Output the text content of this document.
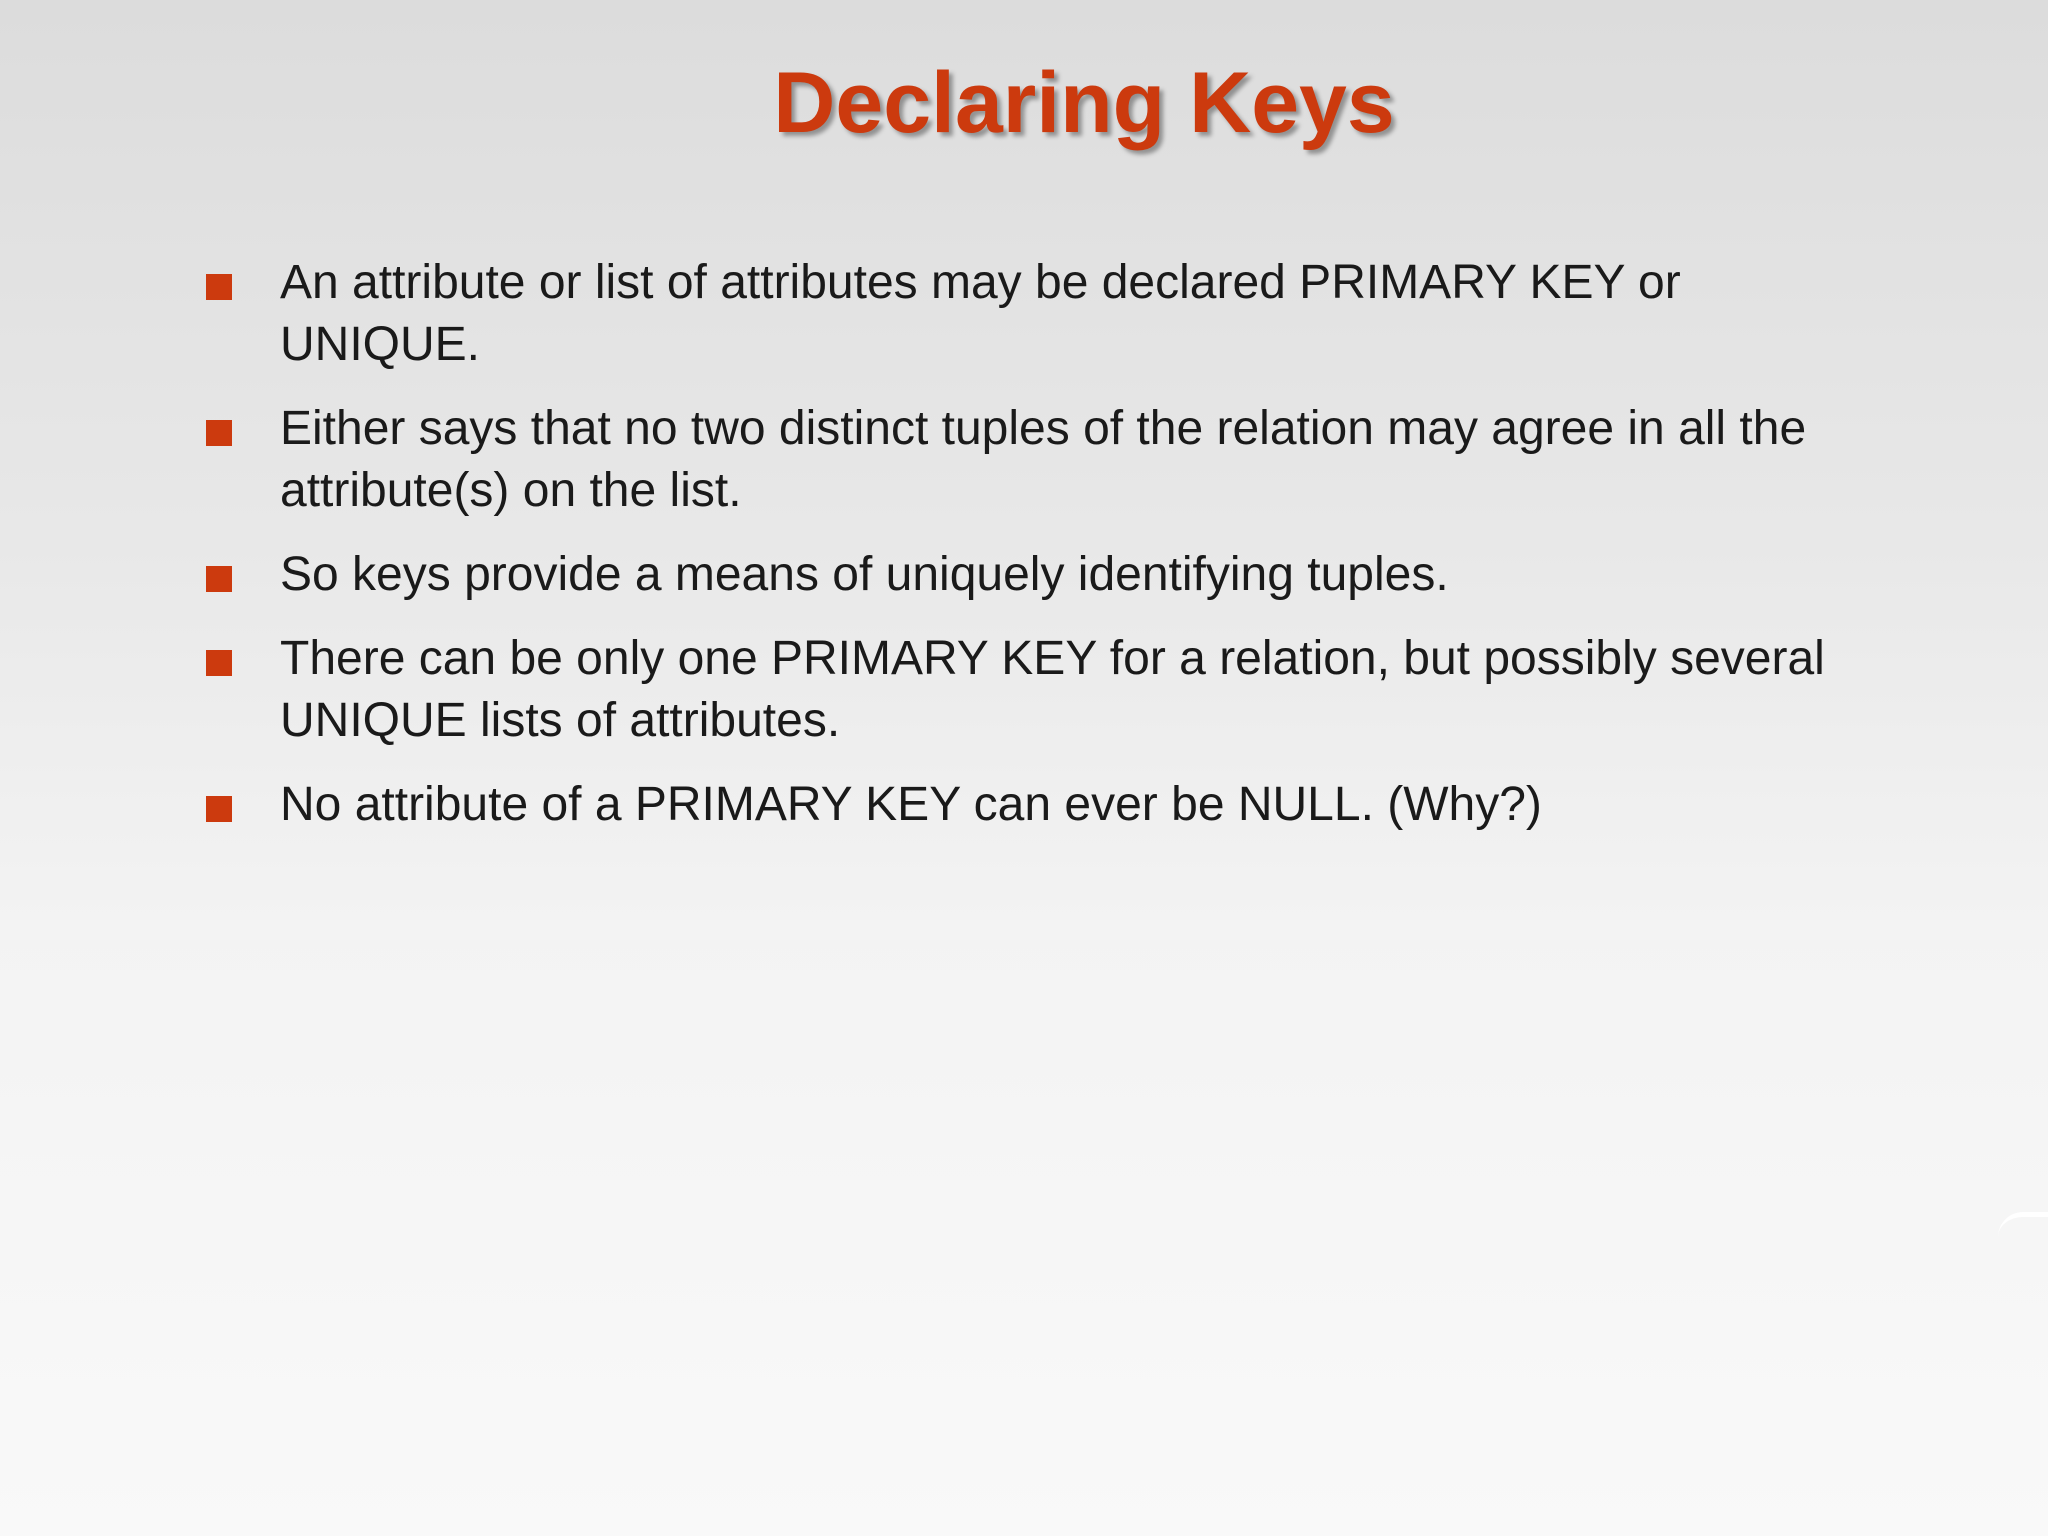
Declaring Keys
An attribute or list of attributes may be declared PRIMARY KEY or UNIQUE.
Either says that no two distinct tuples of the relation may agree in all the attribute(s) on the list.
So keys provide a means of uniquely identifying tuples.
There can be only one PRIMARY KEY for a relation, but possibly several UNIQUE lists of attributes.
No attribute of a PRIMARY KEY can ever be NULL. (Why?)
